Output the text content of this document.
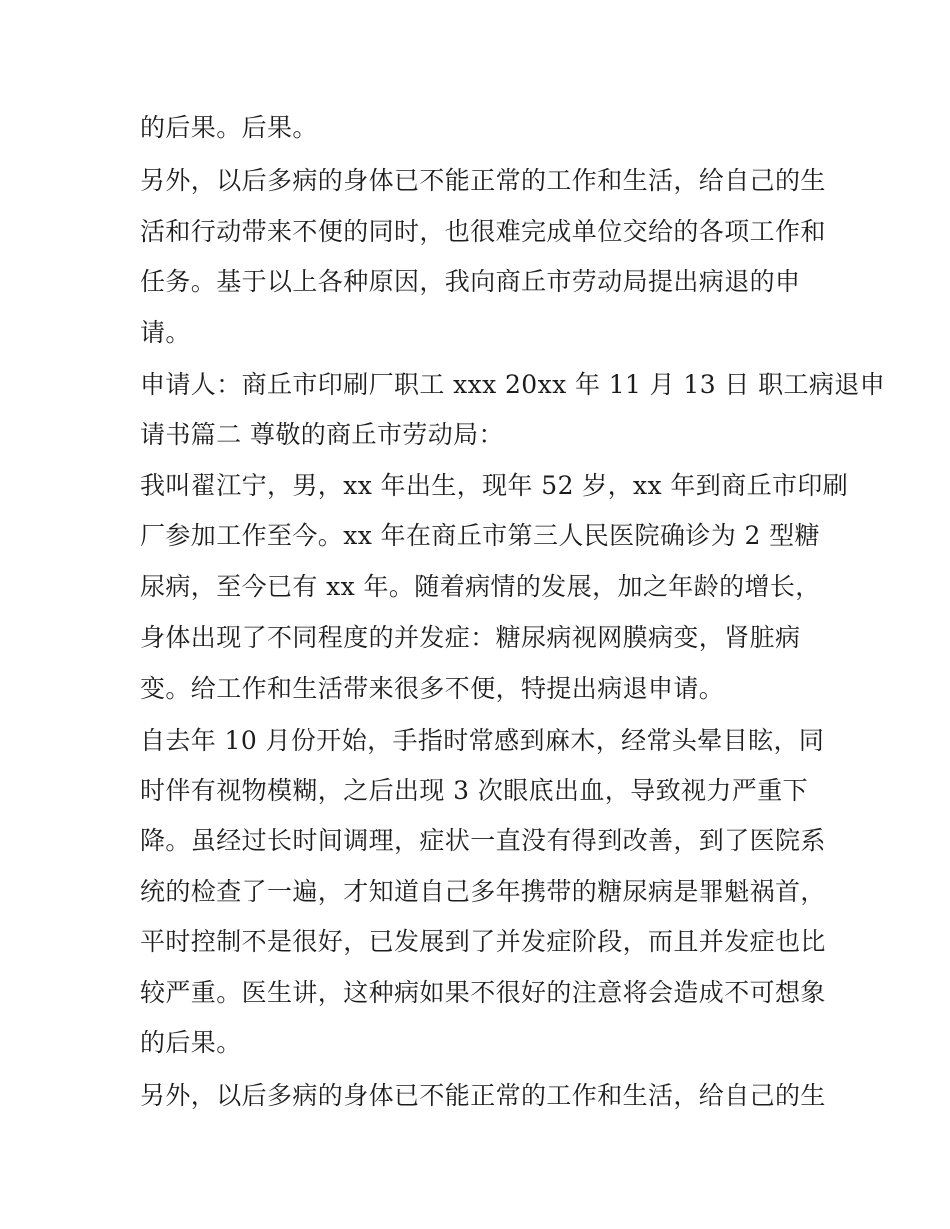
的后果。后果。
另外，以后多病的身体已不能正常的工作和生活，给自己的生
活和行动带来不便的同时，也很难完成单位交给的各项工作和
任务。基于以上各种原因，我向商丘市劳动局提出病退的申
请。
申请人：商丘市印刷厂职工 xxx 20xx 年 11 月 13 日 职工病退申
请书篇二 尊敬的商丘市劳动局：
我叫翟江宁，男，xx 年出生，现年 52 岁，xx 年到商丘市印刷
厂参加工作至今。xx 年在商丘市第三人民医院确诊为 2 型糖
尿病，至今已有 xx 年。随着病情的发展，加之年龄的增长，
身体出现了不同程度的并发症：糖尿病视网膜病变，肾脏病
变。给工作和生活带来很多不便，特提出病退申请。
自去年 10 月份开始，手指时常感到麻木，经常头晕目眩，同
时伴有视物模糊，之后出现 3 次眼底出血，导致视力严重下
降。虽经过长时间调理，症状一直没有得到改善，到了医院系
统的检查了一遍，才知道自己多年携带的糖尿病是罪魁祸首，
平时控制不是很好，已发展到了并发症阶段，而且并发症也比
较严重。医生讲，这种病如果不很好的注意将会造成不可想象
的后果。
另外，以后多病的身体已不能正常的工作和生活，给自己的生
